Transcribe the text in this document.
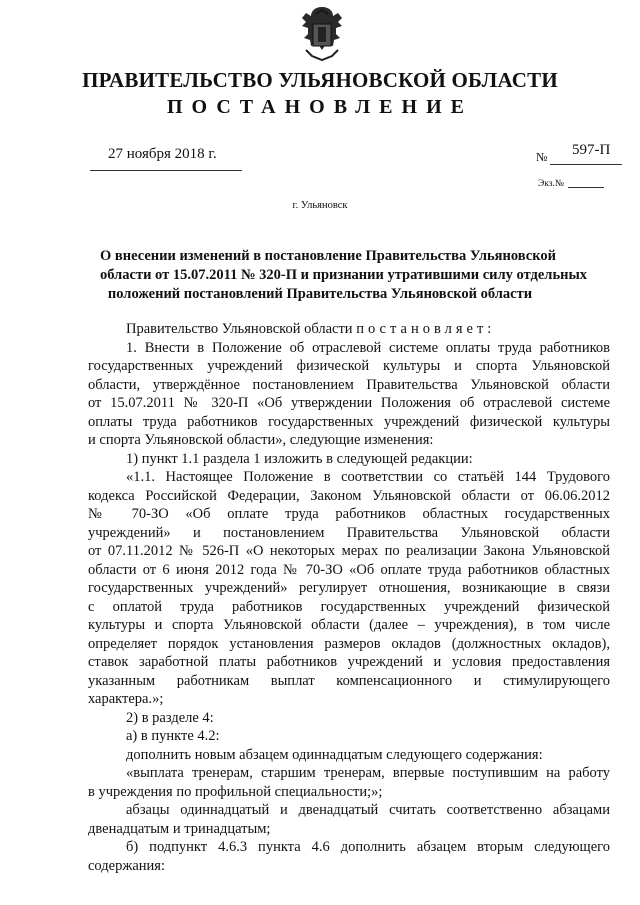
ПРАВИТЕЛЬСТВО УЛЬЯНОВСКОЙ ОБЛАСТИ
ПОСТАНОВЛЕНИЕ
27 ноября 2018 г.	№ 597-П
Экз.№
г. Ульяновск
О внесении изменений в постановление Правительства Ульяновской
области от 15.07.2011 № 320-П и признании утратившими силу отдельных
положений постановлений Правительства Ульяновской области
Правительство Ульяновской области постановляет:
1. Внести в Положение об отраслевой системе оплаты труда работников
государственных учреждений физической культуры и спорта Ульяновской
области, утверждённое постановлением Правительства Ульяновской области
от 15.07.2011 № 320-П «Об утверждении Положения об отраслевой системе
оплаты труда работников государственных учреждений физической культуры
и спорта Ульяновской области», следующие изменения:
1) пункт 1.1 раздела 1 изложить в следующей редакции:
«1.1. Настоящее Положение в соответствии со статьёй 144 Трудового
кодекса Российской Федерации, Законом Ульяновской области от 06.06.2012
№ 70-ЗО «Об оплате труда работников областных государственных
учреждений» и постановлением Правительства Ульяновской области
от 07.11.2012 № 526-П «О некоторых мерах по реализации Закона Ульяновской
области от 6 июня 2012 года № 70-ЗО «Об оплате труда работников областных
государственных учреждений» регулирует отношения, возникающие в связи
с оплатой труда работников государственных учреждений физической
культуры и спорта Ульяновской области (далее – учреждения), в том числе
определяет порядок установления размеров окладов (должностных окладов),
ставок заработной платы работников учреждений и условия предоставления
указанным работникам выплат компенсационного и стимулирующего
характера.»;
2) в разделе 4:
а) в пункте 4.2:
дополнить новым абзацем одиннадцатым следующего содержания:
«выплата тренерам, старшим тренерам, впервые поступившим на работу
в учреждения по профильной специальности;»;
абзацы одиннадцатый и двенадцатый считать соответственно абзацами
двенадцатым и тринадцатым;
б) подпункт 4.6.3 пункта 4.6 дополнить абзацем вторым следующего
содержания:
